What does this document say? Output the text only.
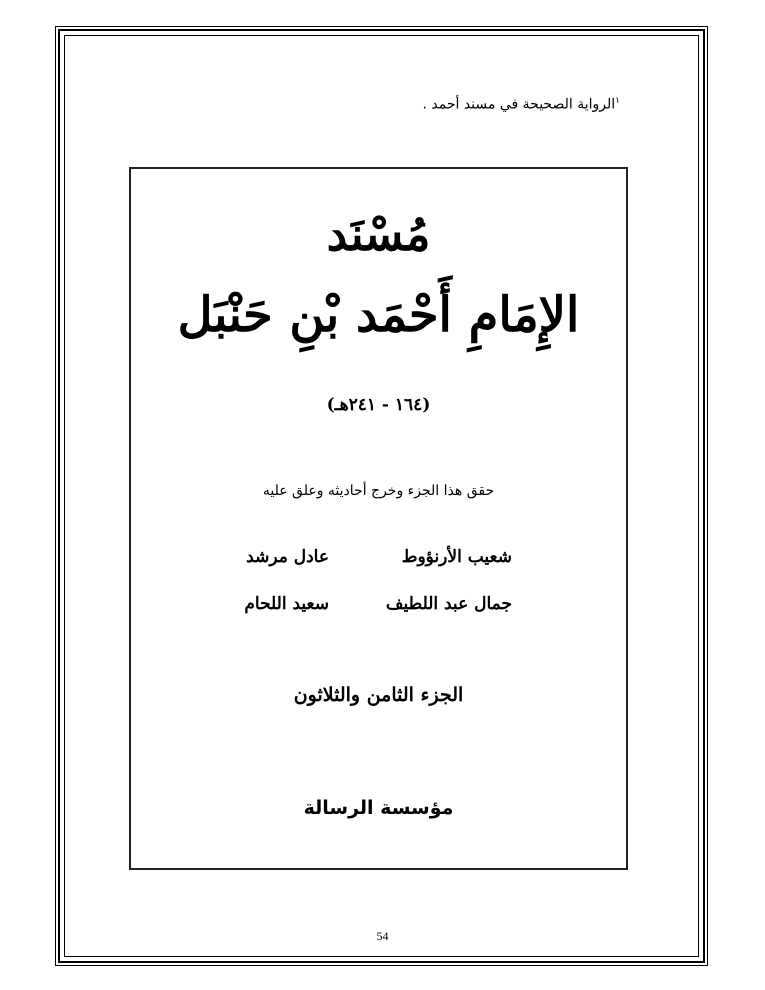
$^١$الرواية الصحيحة في مسند أحمد .
مُسْنَد
الإِمَامِ أَحْمَد بْنِ حَنْبَل
(١٦٤ - ٢٤١هـ)
حقق هذا الجزء وخرج أحاديثه وعلق عليه
شعيب الأرنؤوط
عادل مرشد
جمال عبد اللطيف
سعيد اللحام
الجزء الثامن والثلاثون
مؤسسة الرسالة
54
